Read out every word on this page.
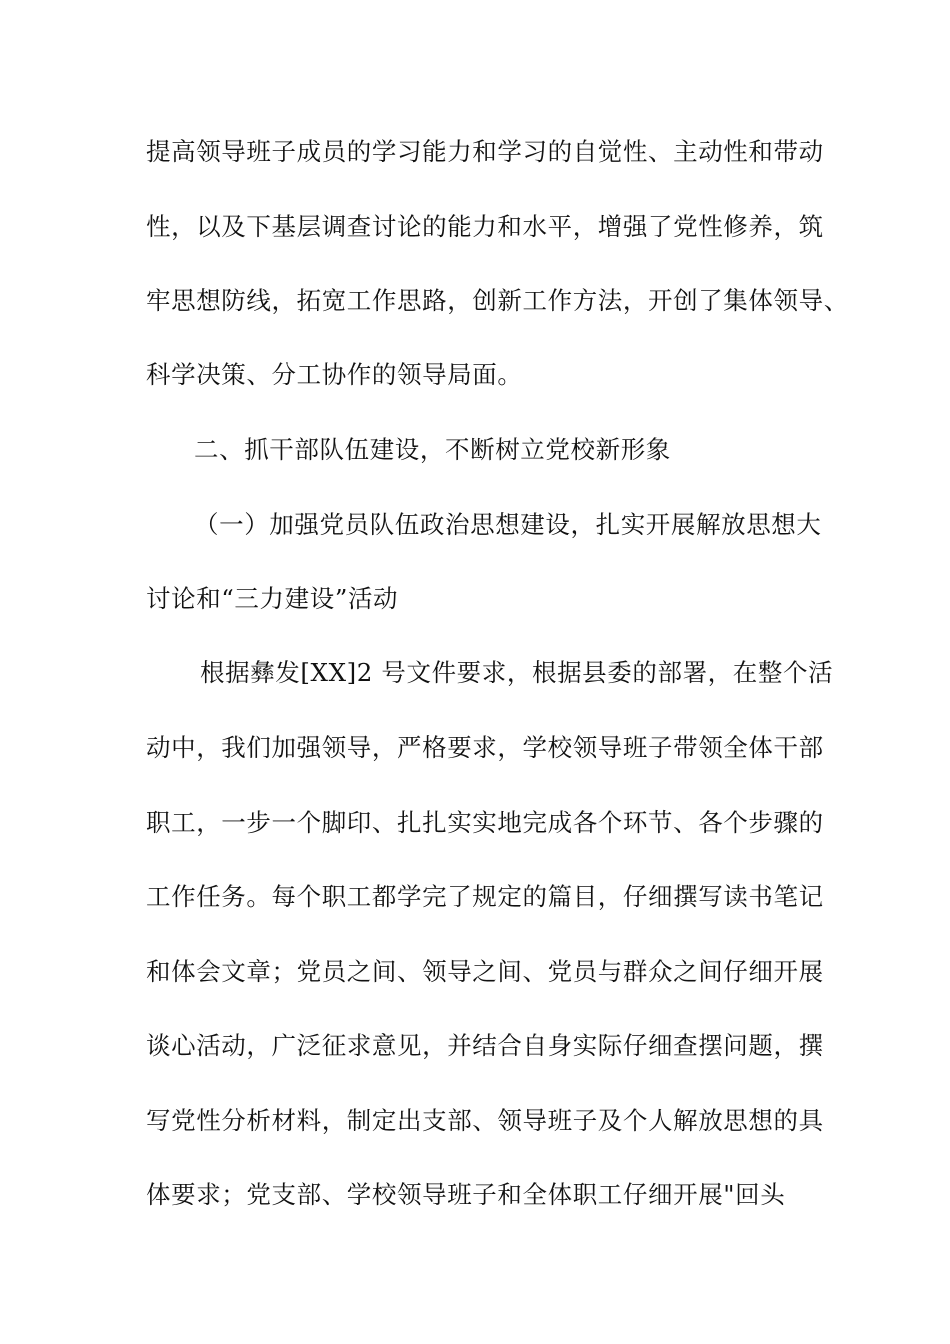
提高领导班子成员的学习能力和学习的自觉性、主动性和带动
性，以及下基层调查讨论的能力和水平，增强了党性修养，筑
牢思想防线，拓宽工作思路，创新工作方法，开创了集体领导、
科学决策、分工协作的领导局面。
二、抓干部队伍建设，不断树立党校新形象
（一）加强党员队伍政治思想建设，扎实开展解放思想大
讨论和“三力建设”活动
根据彝发[XX]2 号文件要求，根据县委的部署，在整个活
动中，我们加强领导，严格要求，学校领导班子带领全体干部
职工，一步一个脚印、扎扎实实地完成各个环节、各个步骤的
工作任务。每个职工都学完了规定的篇目，仔细撰写读书笔记
和体会文章；党员之间、领导之间、党员与群众之间仔细开展
谈心活动，广泛征求意见，并结合自身实际仔细查摆问题，撰
写党性分析材料，制定出支部、领导班子及个人解放思想的具
体要求；党支部、学校领导班子和全体职工仔细开展"回头
